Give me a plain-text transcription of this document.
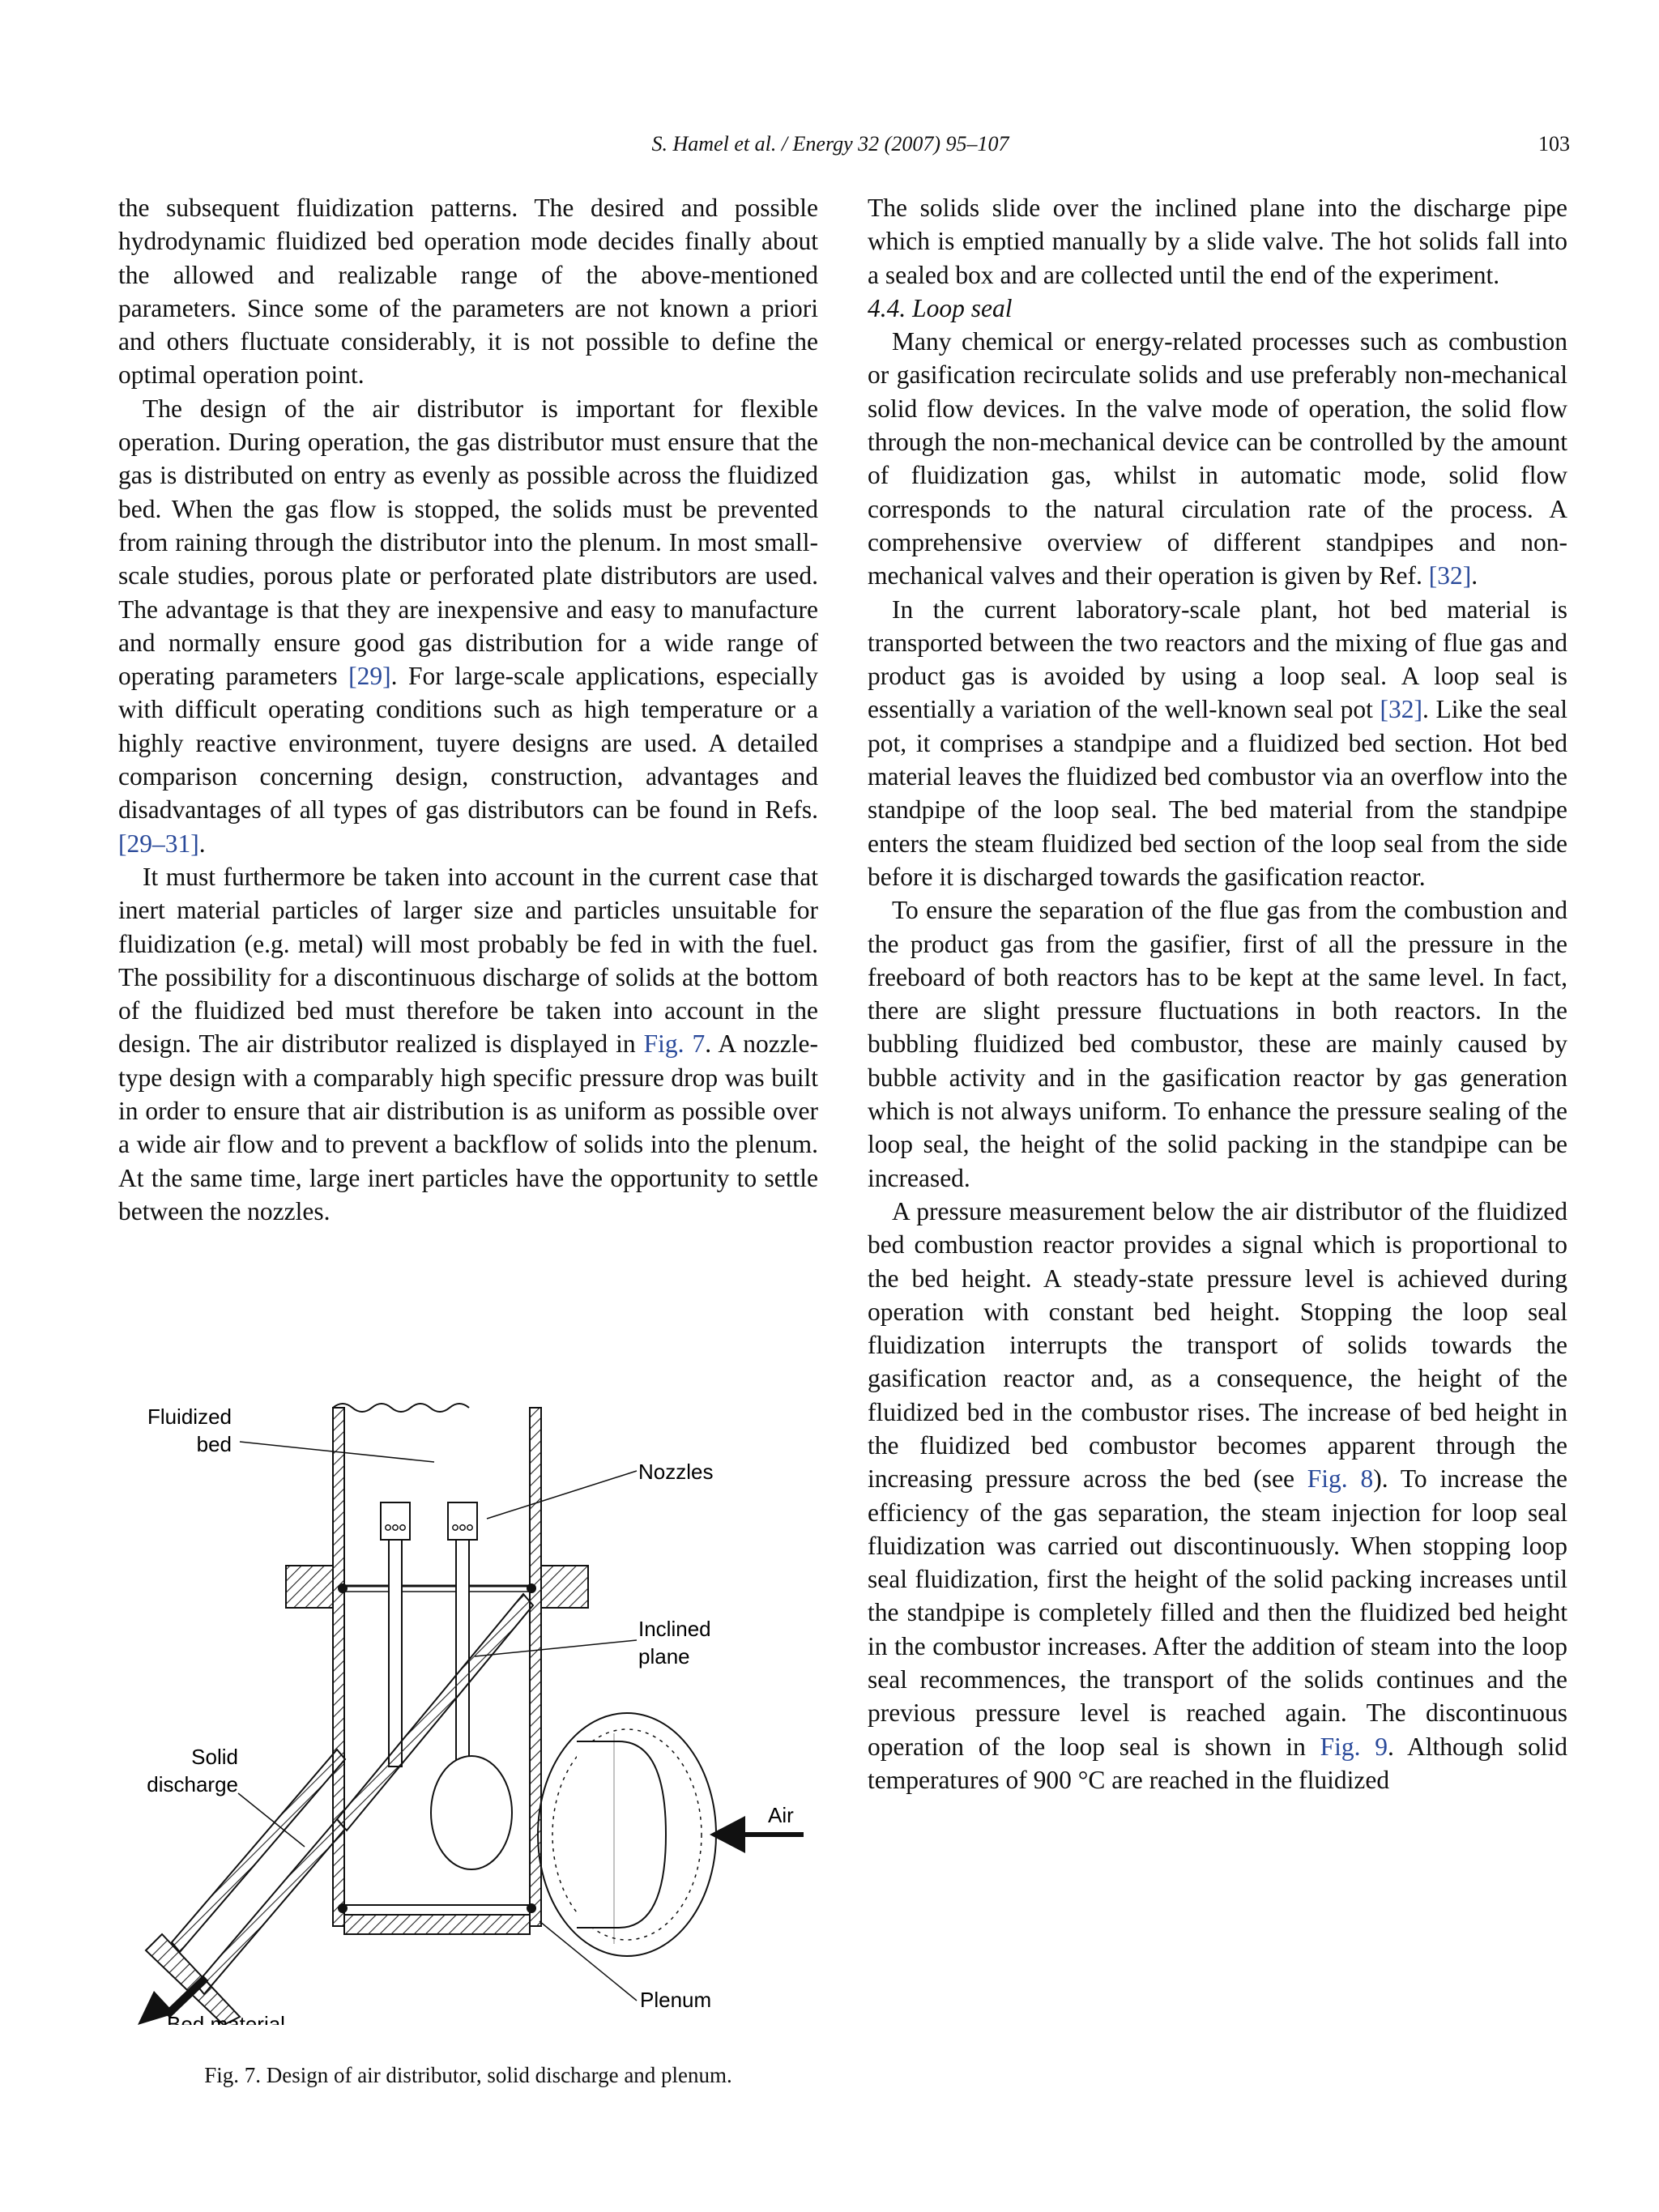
S. Hamel et al. / Energy 32 (2007) 95–107	103

the subsequent fluidization patterns. The desired and possible hydrodynamic fluidized bed operation mode decides finally about the allowed and realizable range of the above-mentioned parameters. Since some of the parameters are not known a priori and others fluctuate considerably, it is not possible to define the optimal operation point.

The design of the air distributor is important for flexible operation. During operation, the gas distributor must ensure that the gas is distributed on entry as evenly as possible across the fluidized bed. When the gas flow is stopped, the solids must be prevented from raining through the distributor into the plenum. In most small-scale studies, porous plate or perforated plate distributors are used. The advantage is that they are inexpensive and easy to manufacture and normally ensure good gas distribution for a wide range of operating parameters [29]. For large-scale applications, especially with difficult operating conditions such as high temperature or a highly reactive environment, tuyere designs are used. A detailed comparison concerning design, construction, advantages and disadvantages of all types of gas distributors can be found in Refs. [29–31].

It must furthermore be taken into account in the current case that inert material particles of larger size and particles unsuitable for fluidization (e.g. metal) will most probably be fed in with the fuel. The possibility for a discontinuous discharge of solids at the bottom of the fluidized bed must therefore be taken into account in the design. The air distributor realized is displayed in Fig. 7. A nozzle-type design with a comparably high specific pressure drop was built in order to ensure that air distribution is as uniform as possible over a wide air flow and to prevent a backflow of solids into the plenum. At the same time, large inert particles have the opportunity to settle between the nozzles.

Fluidized
bed
Nozzles
Inclined
plane
Solid
discharge
Air
Plenum
Bed material
Fig. 7. Design of air distributor, solid discharge and plenum.

The solids slide over the inclined plane into the discharge pipe which is emptied manually by a slide valve. The hot solids fall into a sealed box and are collected until the end of the experiment.

4.4. Loop seal

Many chemical or energy-related processes such as combustion or gasification recirculate solids and use preferably non-mechanical solid flow devices. In the valve mode of operation, the solid flow through the non-mechanical device can be controlled by the amount of fluidization gas, whilst in automatic mode, solid flow corresponds to the natural circulation rate of the process. A comprehensive overview of different standpipes and non-mechanical valves and their operation is given by Ref. [32].

In the current laboratory-scale plant, hot bed material is transported between the two reactors and the mixing of flue gas and product gas is avoided by using a loop seal. A loop seal is essentially a variation of the well-known seal pot [32]. Like the seal pot, it comprises a standpipe and a fluidized bed section. Hot bed material leaves the fluidized bed combustor via an overflow into the standpipe of the loop seal. The bed material from the standpipe enters the steam fluidized bed section of the loop seal from the side before it is discharged towards the gasification reactor.

To ensure the separation of the flue gas from the combustion and the product gas from the gasifier, first of all the pressure in the freeboard of both reactors has to be kept at the same level. In fact, there are slight pressure fluctuations in both reactors. In the bubbling fluidized bed combustor, these are mainly caused by bubble activity and in the gasification reactor by gas generation which is not always uniform. To enhance the pressure sealing of the loop seal, the height of the solid packing in the standpipe can be increased.

A pressure measurement below the air distributor of the fluidized bed combustion reactor provides a signal which is proportional to the bed height. A steady-state pressure level is achieved during operation with constant bed height. Stopping the loop seal fluidization interrupts the transport of solids towards the gasification reactor and, as a consequence, the height of the fluidized bed in the combustor rises. The increase of bed height in the fluidized bed combustor becomes apparent through the increasing pressure across the bed (see Fig. 8). To increase the efficiency of the gas separation, the steam injection for loop seal fluidization was carried out discontinuously. When stopping loop seal fluidization, first the height of the solid packing increases until the standpipe is completely filled and then the fluidized bed height in the combustor increases. After the addition of steam into the loop seal recommences, the transport of the solids continues and the previous pressure level is reached again. The discontinuous operation of the loop seal is shown in Fig. 9. Although solid temperatures of 900 °C are reached in the fluidized
